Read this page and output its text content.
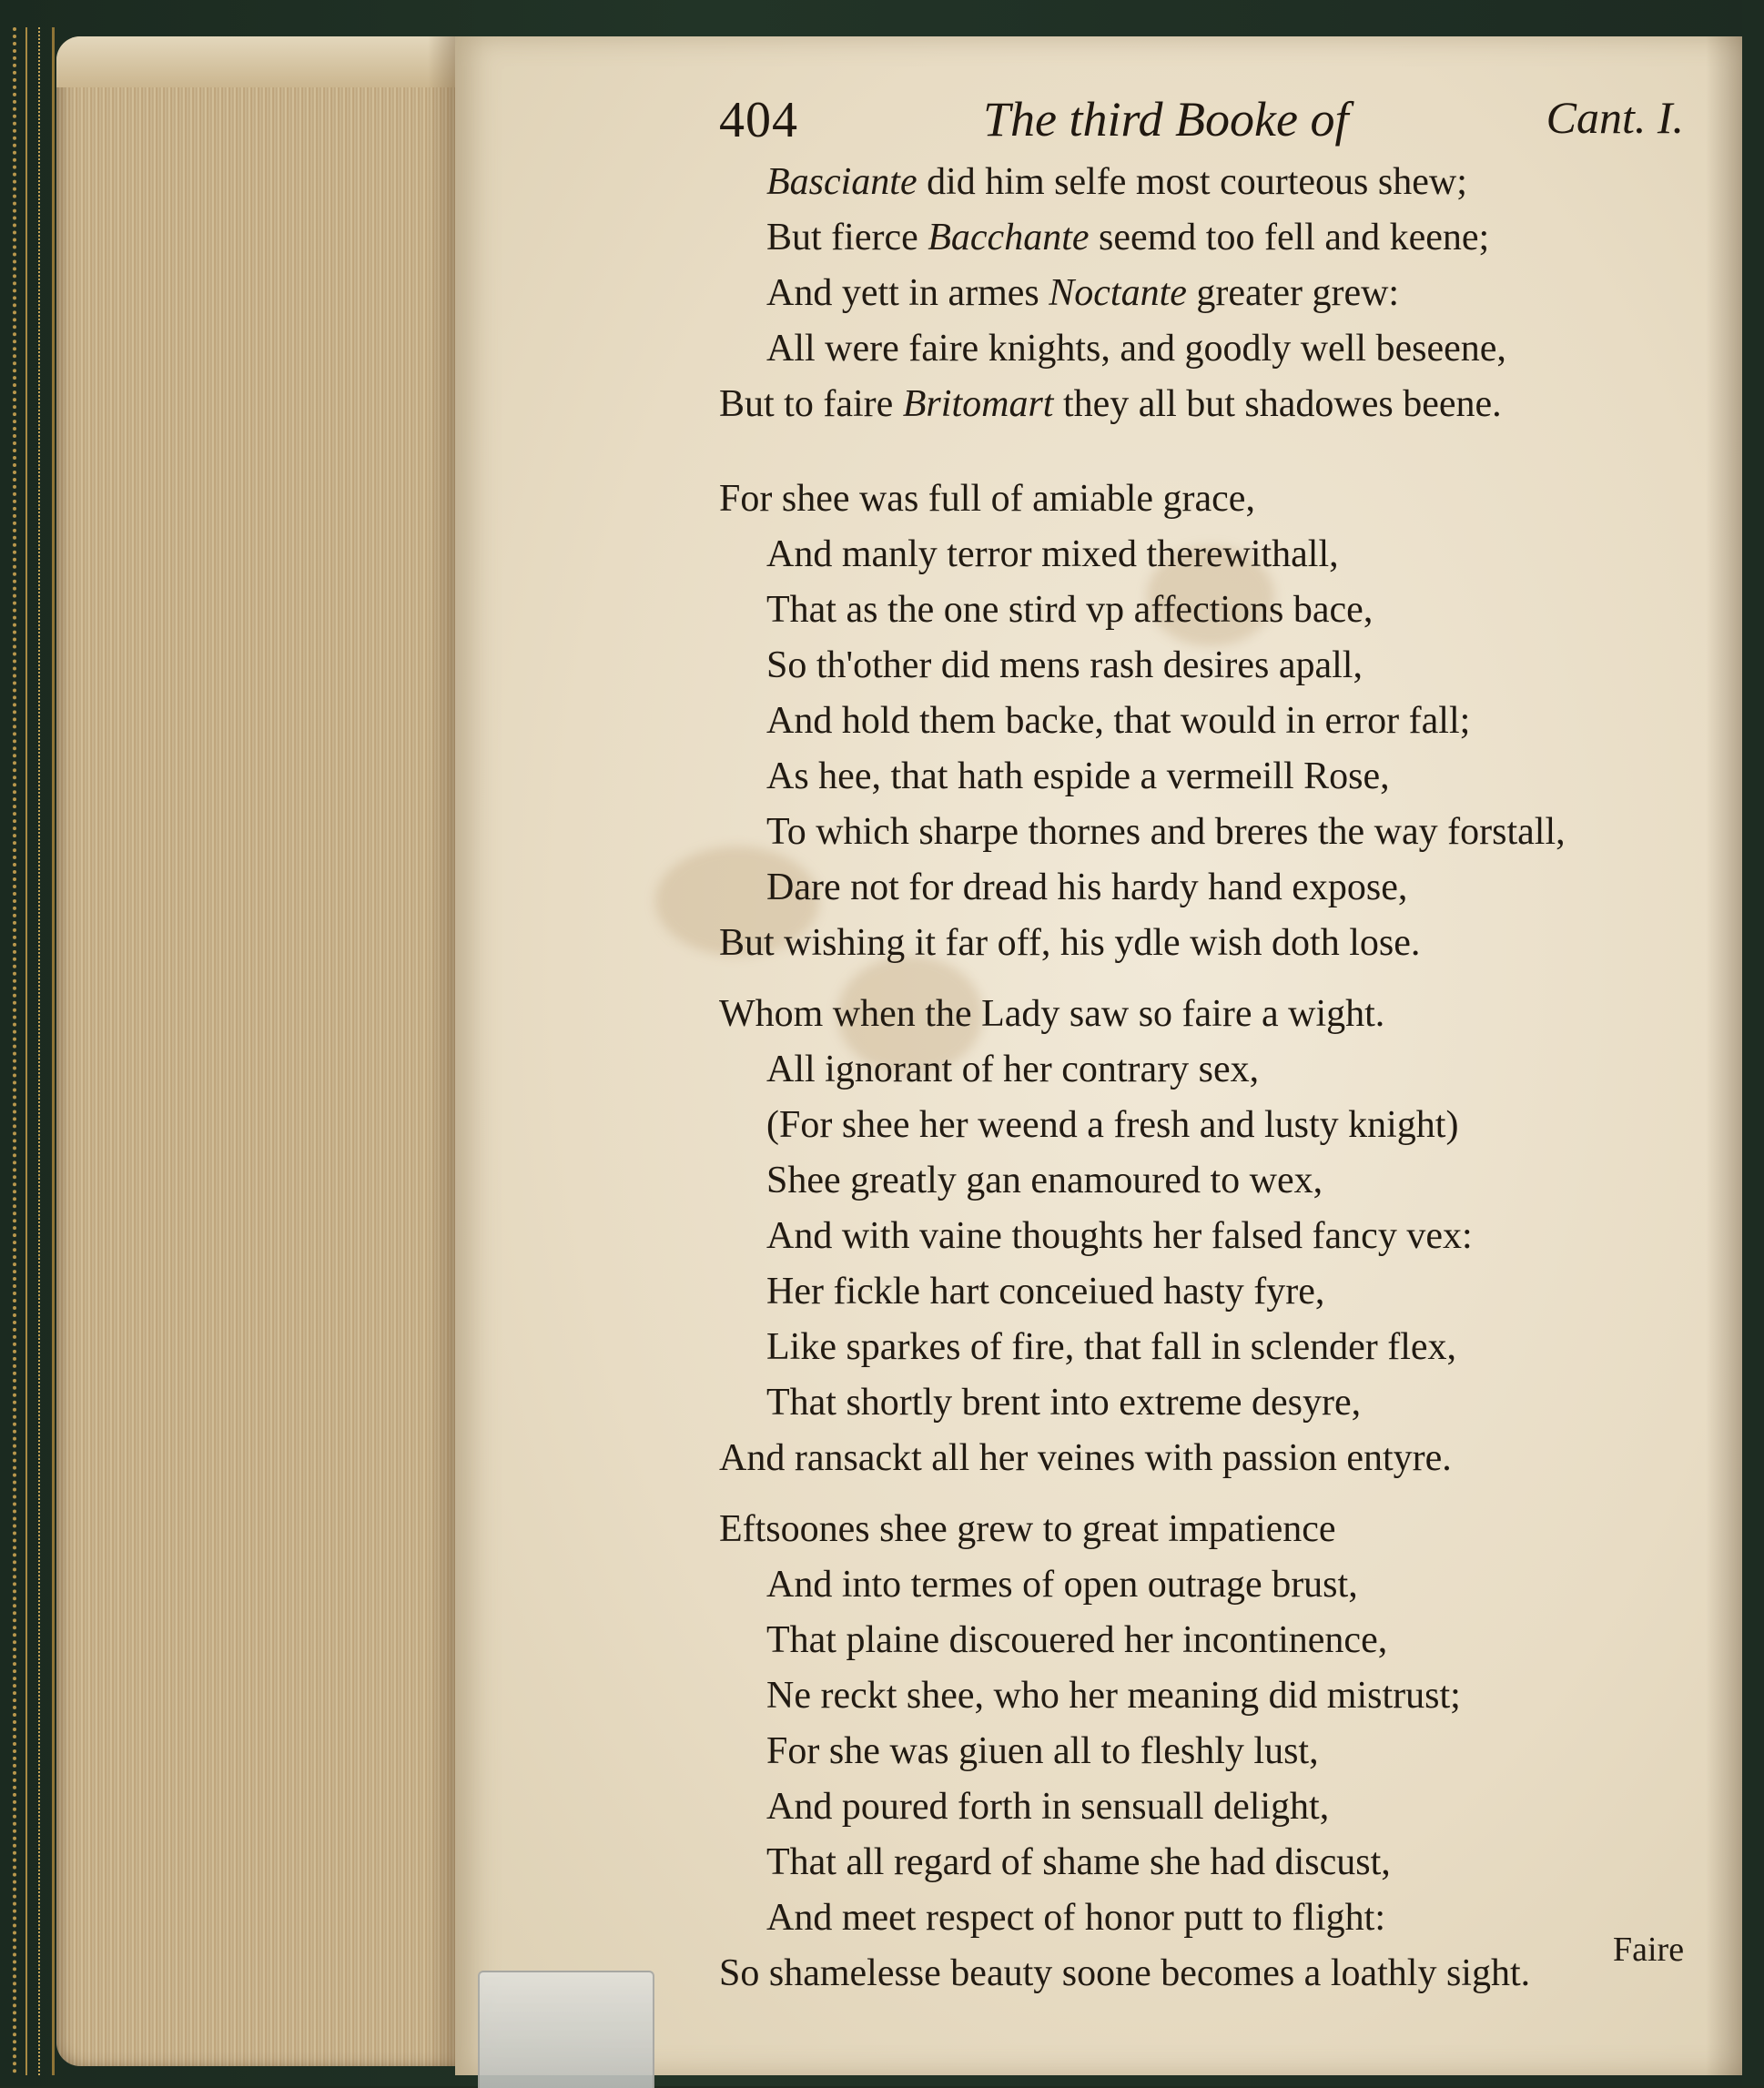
404	The third Booke of	Cant. I.
Basciante did him selfe most courteous shew;
But fierce Bacchante seemd too fell and keene;
And yett in armes Noctante greater grew:
All were faire knights, and goodly well beseene,
But to faire Britomart they all but shadowes beene.
For shee was full of amiable grace,
And manly terror mixed therewithall,
That as the one stird vp affections bace,
So th'other did mens rash desires apall,
And hold them backe, that would in error fall;
As hee, that hath espide a vermeill Rose,
To which sharpe thornes and breres the way forstall,
Dare not for dread his hardy hand expose,
But wishing it far off, his ydle wish doth lose.
Whom when the Lady saw so faire a wight.
All ignorant of her contrary sex,
(For shee her weend a fresh and lusty knight)
Shee greatly gan enamoured to wex,
And with vaine thoughts her falsed fancy vex:
Her fickle hart conceiued hasty fyre,
Like sparkes of fire, that fall in sclender flex,
That shortly brent into extreme desyre,
And ransackt all her veines with passion entyre.
Eftsoones shee grew to great impatience
And into termes of open outrage brust,
That plaine discouered her incontinence,
Ne reckt shee, who her meaning did mistrust;
For she was giuen all to fleshly lust,
And poured forth in sensuall delight,
That all regard of shame she had discust,
And meet respect of honor putt to flight:
So shamelesse beauty soone becomes a loathly sight.
Faire
